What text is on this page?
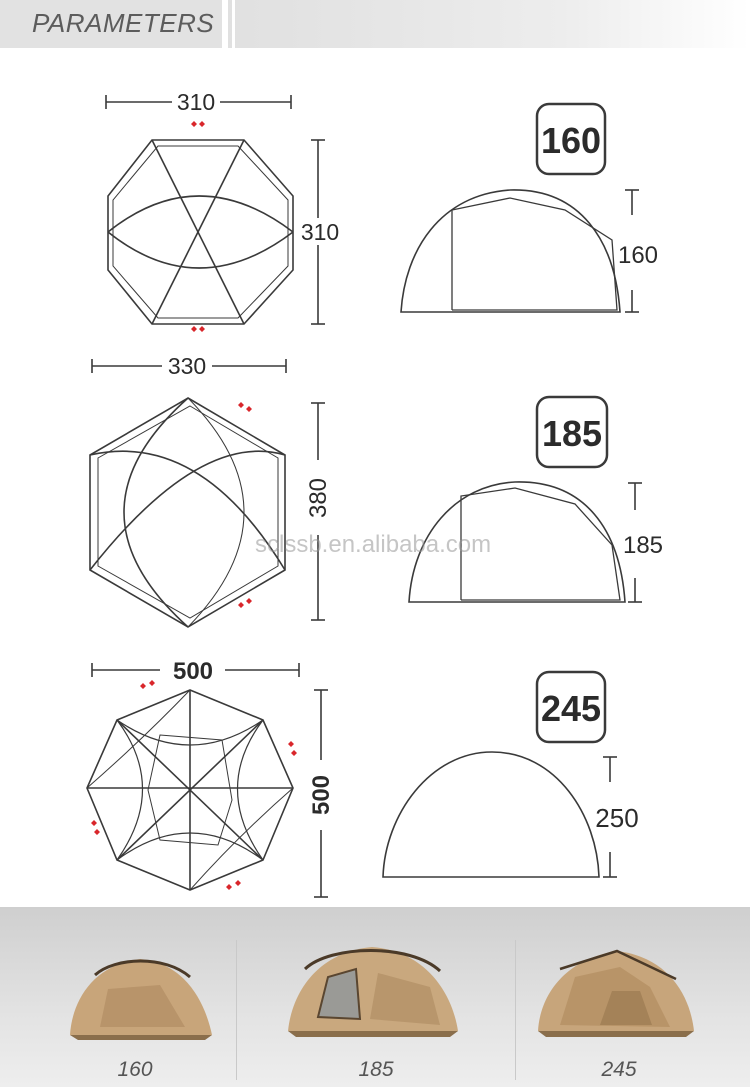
PARAMETERS
310
310
160
160
330
380
185
185
500
500
245
250
sclssb.en.alibaba.com
160	185	245
